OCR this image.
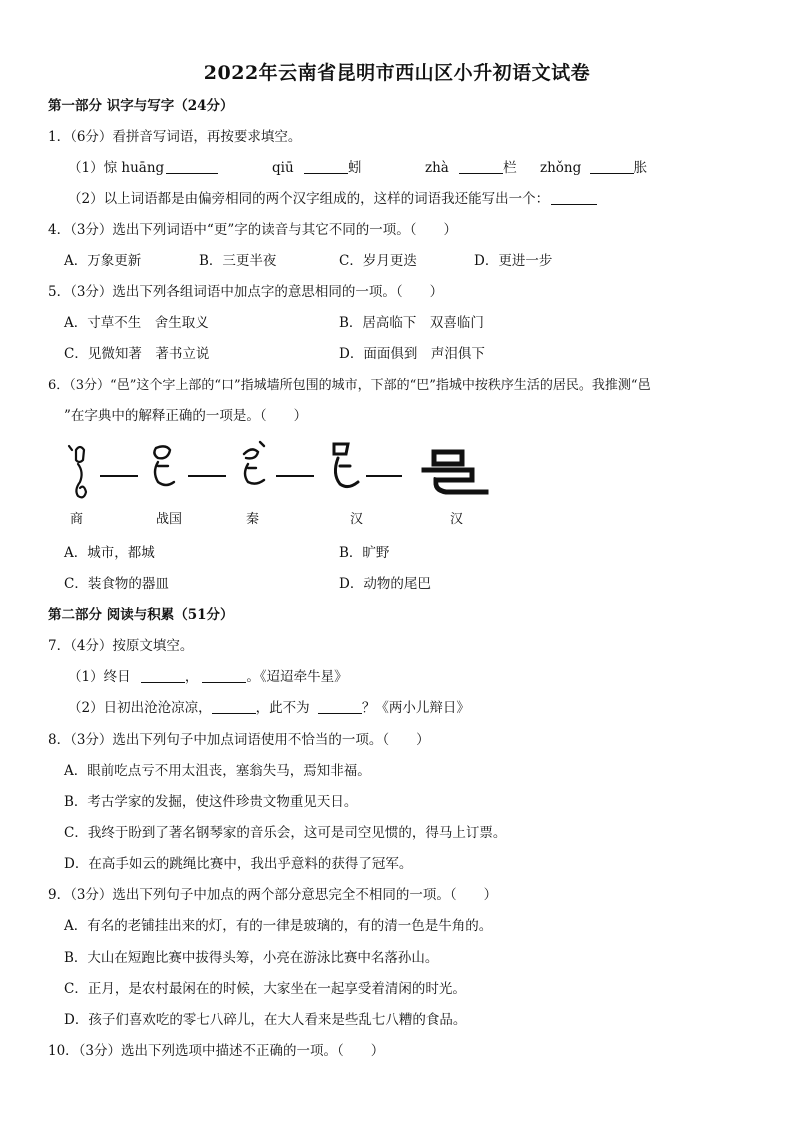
2022年云南省昆明市西山区小升初语文试卷
第一部分 识字与写字（24分）
1．（6分）看拼音写词语，再按要求填空。
（1）惊 huāng	qiū	蚓	zhà	栏 zhǒng	胀
（2）以上词语都是由偏旁相同的两个汉字组成的，这样的词语我还能写出一个：
4．（3分）选出下列词语中“更”字的读音与其它不同的一项。（　　）
A．万象更新	B．三更半夜	C．岁月更迭	D．更进一步
5．（3分）选出下列各组词语中加点字的意思相同的一项。（　　）
A．寸草不生　舍生取义	B．居高临下　双喜临门
C．见微知著　著书立说	D．面面俱到　声泪俱下
6．（3分）“邑”这个字上部的“口”指城墙所包围的城市，下部的“巴”指城中按秩序生活的居民。我推测“邑
”在字典中的解释正确的一项是。（　　）
商	战国	秦	汉	汉
A．城市，都城	B．旷野
C．装食物的器皿	D．动物的尾巴
第二部分 阅读与积累（51分）
7．（4分）按原文填空。
（1）终日	，	。《迢迢牵牛星》
（2）日初出沧沧凉凉，	，此不为	？《两小儿辩日》
8．（3分）选出下列句子中加点词语使用不恰当的一项。（　　）
A．眼前吃点亏不用太沮丧，塞翁失马，焉知非福。
B．考古学家的发掘，使这件珍贵文物重见天日。
C．我终于盼到了著名钢琴家的音乐会，这可是司空见惯的，得马上订票。
D．在高手如云的跳绳比赛中，我出乎意料的获得了冠军。
9．（3分）选出下列句子中加点的两个部分意思完全不相同的一项。（　　）
A．有名的老铺挂出来的灯，有的一律是玻璃的，有的清一色是牛角的。
B．大山在短跑比赛中拔得头筹，小亮在游泳比赛中名落孙山。
C．正月，是农村最闲在的时候，大家坐在一起享受着清闲的时光。
D．孩子们喜欢吃的零七八碎儿，在大人看来是些乱七八糟的食品。
10．（3分）选出下列选项中描述不正确的一项。（　　）
